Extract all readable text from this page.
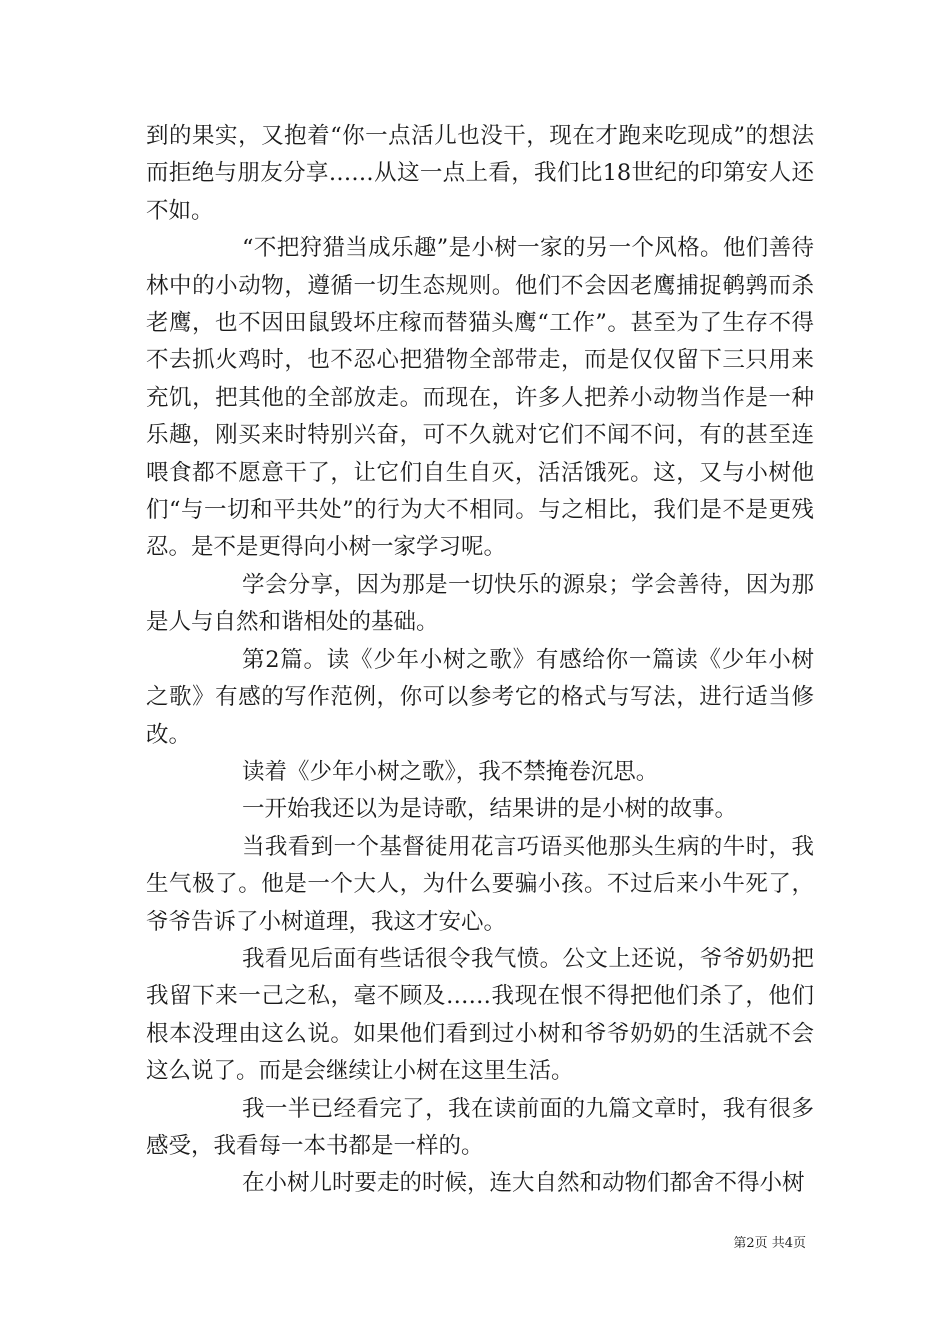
到的果实，又抱着“你一点活儿也没干，现在才跑来吃现成”的想法而拒绝与朋友分享……从这一点上看，我们比18世纪的印第安人还不如。

“不把狩猎当成乐趣”是小树一家的另一个风格。他们善待林中的小动物，遵循一切生态规则。他们不会因老鹰捕捉鹌鹑而杀老鹰，也不因田鼠毁坏庄稼而替猫头鹰“工作”。甚至为了生存不得不去抓火鸡时，也不忍心把猎物全部带走，而是仅仅留下三只用来充饥，把其他的全部放走。而现在，许多人把养小动物当作是一种乐趣，刚买来时特别兴奋，可不久就对它们不闻不问，有的甚至连喂食都不愿意干了，让它们自生自灭，活活饿死。这，又与小树他们“与一切和平共处”的行为大不相同。与之相比，我们是不是更残忍。是不是更得向小树一家学习呢。

学会分享，因为那是一切快乐的源泉；学会善待，因为那是人与自然和谐相处的基础。

第2篇。读《少年小树之歌》有感给你一篇读《少年小树之歌》有感的写作范例，你可以参考它的格式与写法，进行适当修改。

读着《少年小树之歌》，我不禁掩卷沉思。

一开始我还以为是诗歌，结果讲的是小树的故事。

当我看到一个基督徒用花言巧语买他那头生病的牛时，我生气极了。他是一个大人，为什么要骗小孩。不过后来小牛死了，爷爷告诉了小树道理，我这才安心。

我看见后面有些话很令我气愤。公文上还说，爷爷奶奶把我留下来一己之私，毫不顾及……我现在恨不得把他们杀了，他们根本没理由这么说。如果他们看到过小树和爷爷奶奶的生活就不会这么说了。而是会继续让小树在这里生活。

我一半已经看完了，我在读前面的九篇文章时，我有很多感受，我看每一本书都是一样的。

在小树儿时要走的时候，连大自然和动物们都舍不得小树

第2页 共4页
